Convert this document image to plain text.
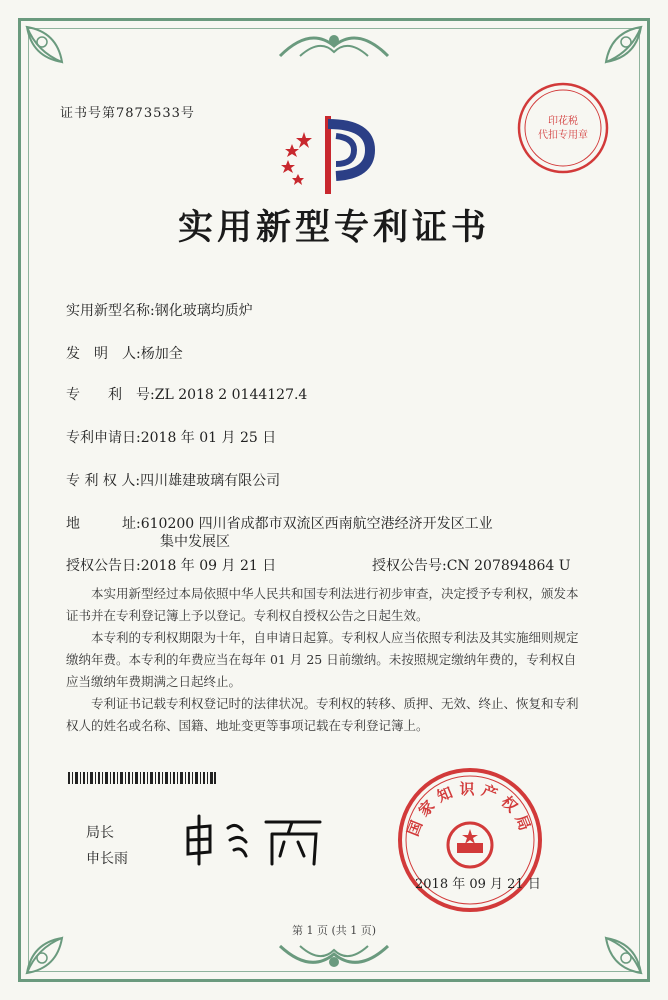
证书号第7873533号
印花税
代扣专用章
实用新型专利证书
实用新型名称:钢化玻璃均质炉
发　明　人:杨加全
专　　利　号:ZL 2018 2 0144127.4
专利申请日:2018 年 01 月 25 日
专 利 权 人:四川雄建玻璃有限公司
地　　　址:610200 四川省成都市双流区西南航空港经济开发区工业
集中发展区
授权公告日:2018 年 09 月 21 日	授权公告号:CN 207894864 U

本实用新型经过本局依照中华人民共和国专利法进行初步审查，决定授予专利权，颁发本证书并在专利登记簿上予以登记。专利权自授权公告之日起生效。

本专利的专利权期限为十年，自申请日起算。专利权人应当依照专利法及其实施细则规定缴纳年费。本专利的年费应当在每年 01 月 25 日前缴纳。未按照规定缴纳年费的，专利权自应当缴纳年费期满之日起终止。

专利证书记载专利权登记时的法律状况。专利权的转移、质押、无效、终止、恢复和专利权人的姓名或名称、国籍、地址变更等事项记载在专利登记簿上。

局长
申长雨
国家知识产权局
2018 年 09 月 21 日
第 1 页 (共 1 页)
